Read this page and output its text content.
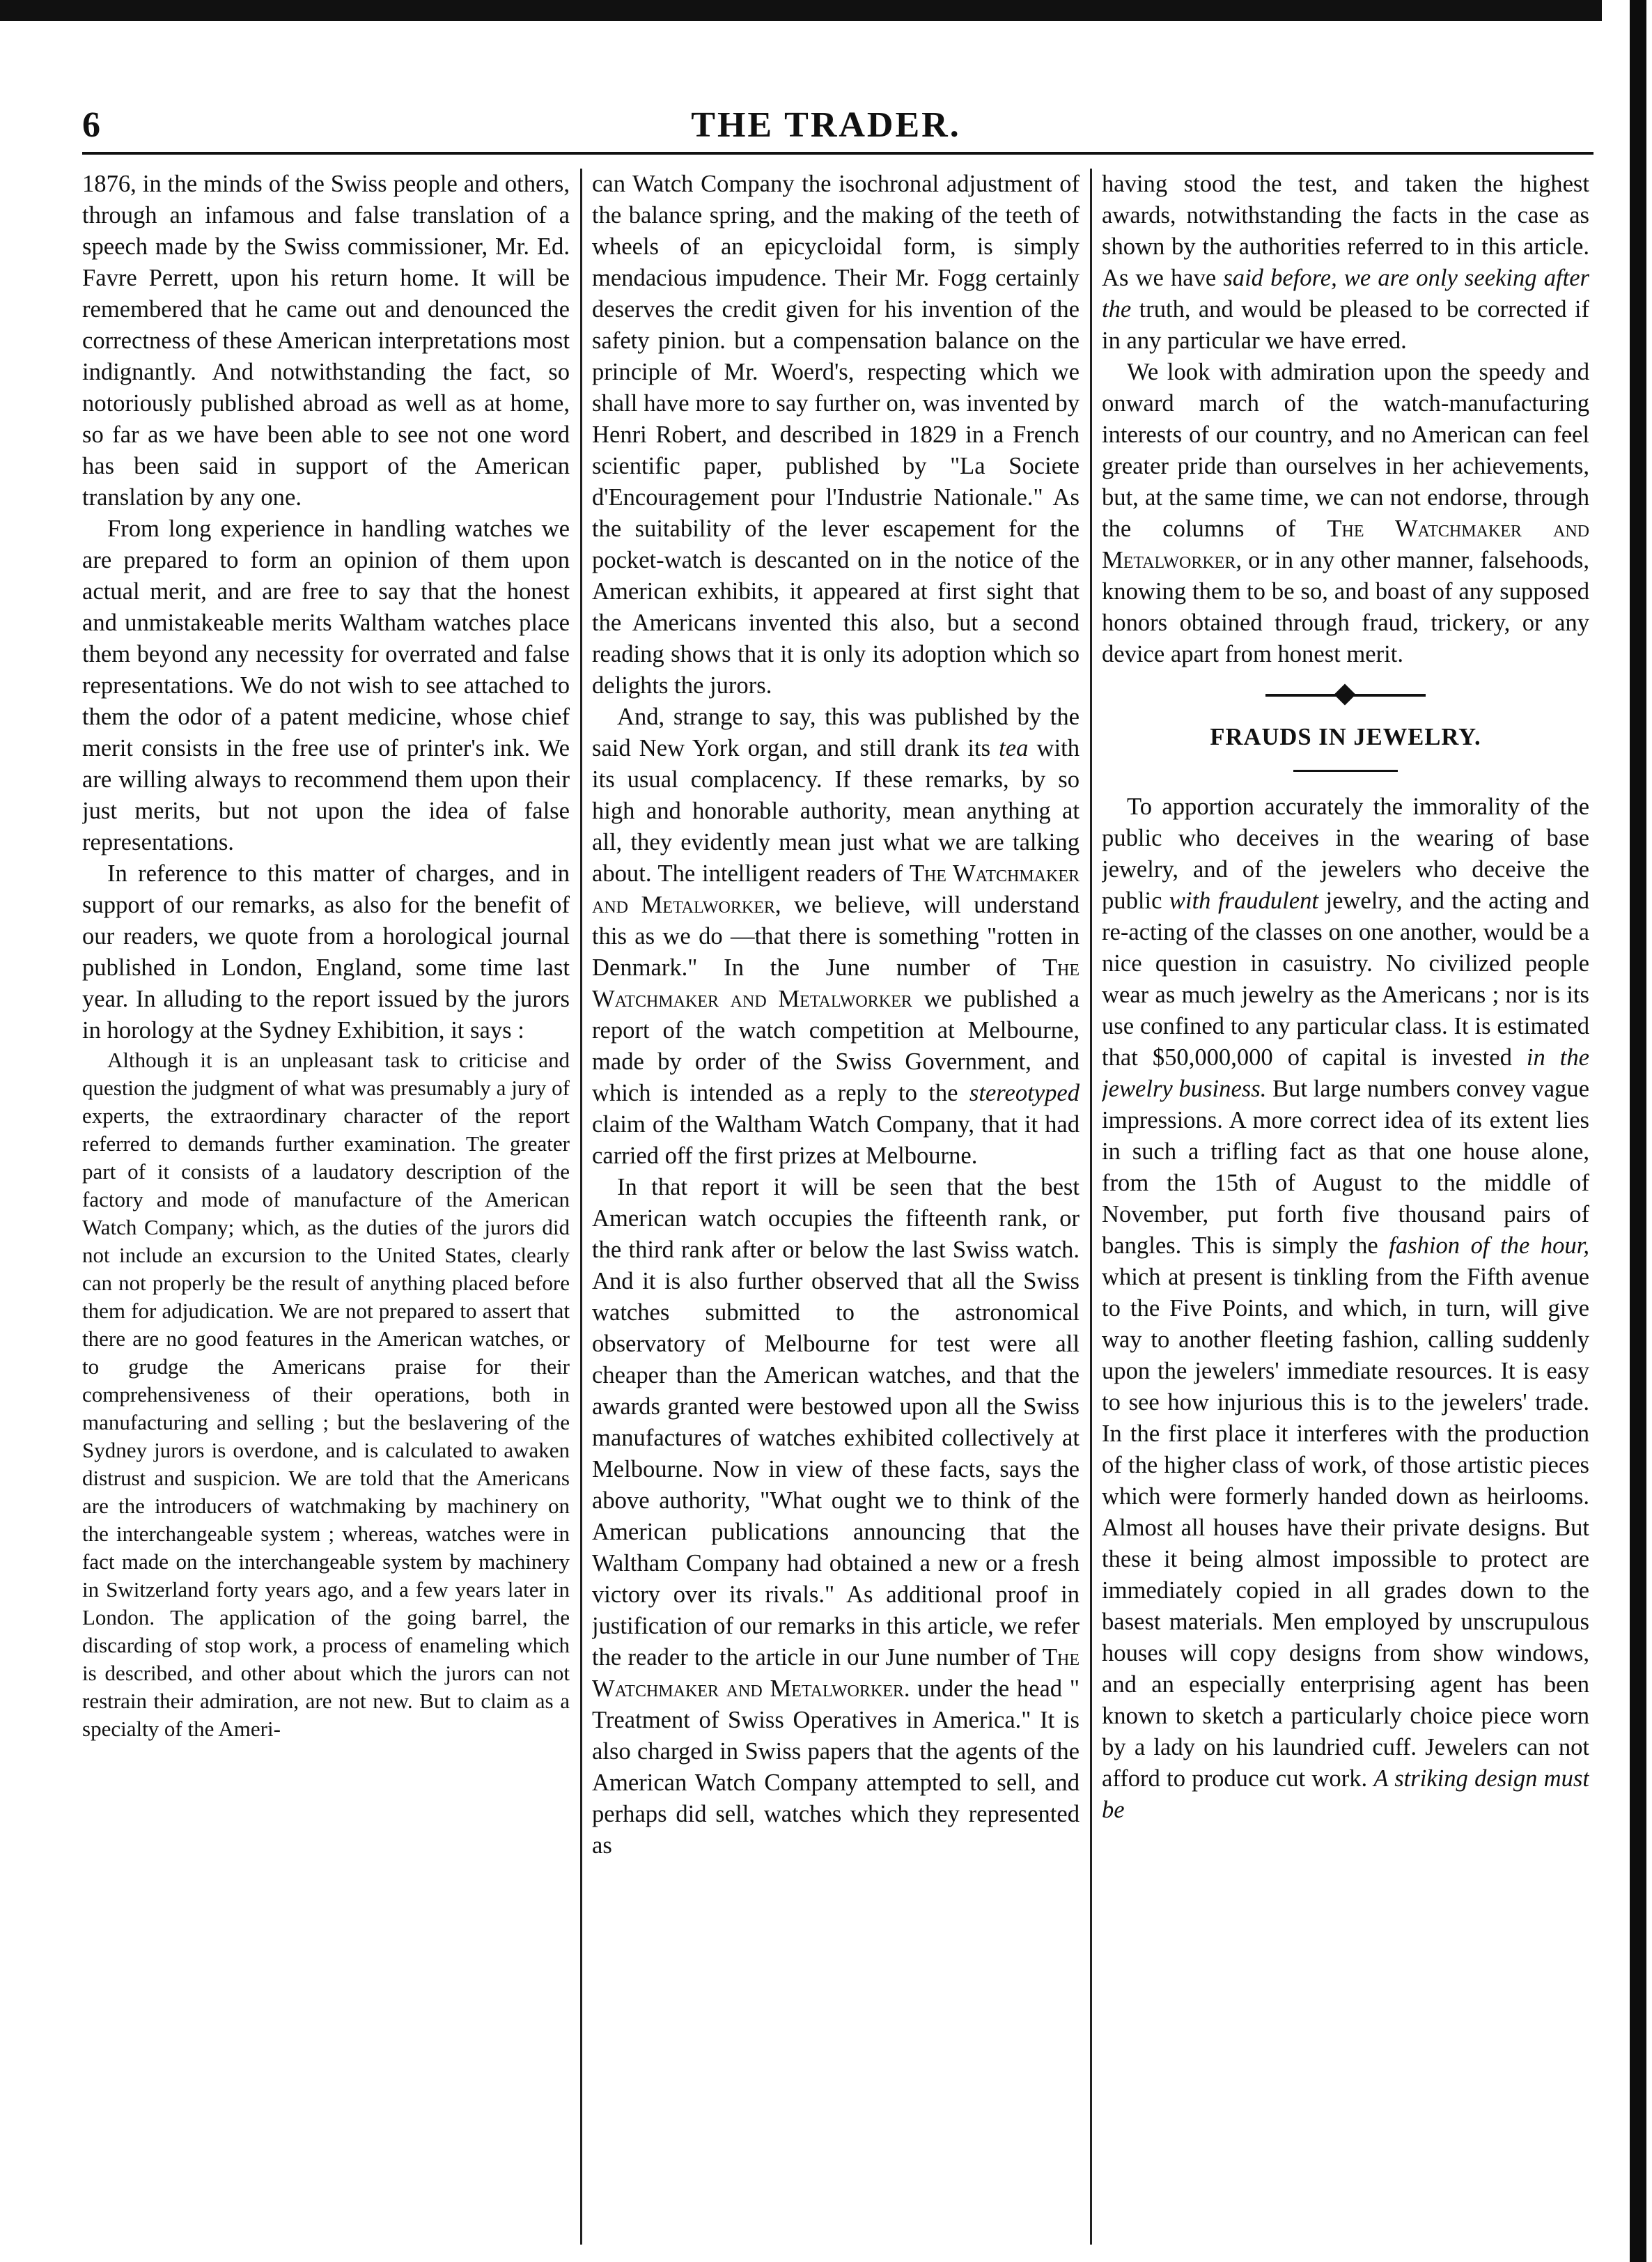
6	THE TRADER.

1876, in the minds of the Swiss people and others, through an infamous and false translation of a speech made by the Swiss commissioner, Mr. Ed. Favre Perrett, upon his return home. It will be remembered that he came out and denounced the correctness of these American interpretations most indignantly. And notwithstanding the fact, so notoriously published abroad as well as at home, so far as we have been able to see not one word has been said in support of the American translation by any one.

From long experience in handling watches we are prepared to form an opinion of them upon actual merit, and are free to say that the honest and unmistakeable merits Waltham watches place them beyond any necessity for overrated and false representations. We do not wish to see attached to them the odor of a patent medicine, whose chief merit consists in the free use of printer's ink. We are willing always to recommend them upon their just merits, but not upon the idea of false representations.

In reference to this matter of charges, and in support of our remarks, as also for the benefit of our readers, we quote from a horological journal published in London, England, some time last year. In alluding to the report issued by the jurors in horology at the Sydney Exhibition, it says :

Although it is an unpleasant task to criticise and question the judgment of what was presumably a jury of experts, the extraordinary character of the report referred to demands further examination. The greater part of it consists of a laudatory description of the factory and mode of manufacture of the American Watch Company; which, as the duties of the jurors did not include an excursion to the United States, clearly can not properly be the result of anything placed before them for adjudication. We are not prepared to assert that there are no good features in the American watches, or to grudge the Americans praise for their comprehensiveness of their operations, both in manufacturing and selling ; but the beslavering of the Sydney jurors is overdone, and is calculated to awaken distrust and suspicion. We are told that the Americans are the introducers of watchmaking by machinery on the interchangeable system ; whereas, watches were in fact made on the interchangeable system by machinery in Switzerland forty years ago, and a few years later in London. The application of the going barrel, the discarding of stop work, a process of enameling which is described, and other about which the jurors can not restrain their admiration, are not new. But to claim as a specialty of the Ameri-

can Watch Company the isochronal adjustment of the balance spring, and the making of the teeth of wheels of an epicycloidal form, is simply mendacious impudence. Their Mr. Fogg certainly deserves the credit given for his invention of the safety pinion. but a compensation balance on the principle of Mr. Woerd's, respecting which we shall have more to say further on, was invented by Henri Robert, and described in 1829 in a French scientific paper, published by "La Societe d'Encouragement pour l'Industrie Nationale." As the suitability of the lever escapement for the pocket-watch is descanted on in the notice of the American exhibits, it appeared at first sight that the Americans invented this also, but a second reading shows that it is only its adoption which so delights the jurors.

And, strange to say, this was published by the said New York organ, and still drank its tea with its usual complacency. If these remarks, by so high and honorable authority, mean anything at all, they evidently mean just what we are talking about. The intelligent readers of The Watchmaker and Metalworker, we believe, will understand this as we do —that there is something "rotten in Denmark." In the June number of The Watchmaker and Metalworker we published a report of the watch competition at Melbourne, made by order of the Swiss Government, and which is intended as a reply to the stereotyped claim of the Waltham Watch Company, that it had carried off the first prizes at Melbourne.

In that report it will be seen that the best American watch occupies the fifteenth rank, or the third rank after or below the last Swiss watch. And it is also further observed that all the Swiss watches submitted to the astronomical observatory of Melbourne for test were all cheaper than the American watches, and that the awards granted were bestowed upon all the Swiss manufactures of watches exhibited collectively at Melbourne. Now in view of these facts, says the above authority, "What ought we to think of the American publications announcing that the Waltham Company had obtained a new or a fresh victory over its rivals." As additional proof in justification of our remarks in this article, we refer the reader to the article in our June number of The Watchmaker and Metalworker. under the head " Treatment of Swiss Operatives in America." It is also charged in Swiss papers that the agents of the American Watch Company attempted to sell, and perhaps did sell, watches which they represented as

having stood the test, and taken the highest awards, notwithstanding the facts in the case as shown by the authorities referred to in this article. As we have said before, we are only seeking after the truth, and would be pleased to be corrected if in any particular we have erred.

We look with admiration upon the speedy and onward march of the watch-manufacturing interests of our country, and no American can feel greater pride than ourselves in her achievements, but, at the same time, we can not endorse, through the columns of The Watchmaker and Metalworker, or in any other manner, falsehoods, knowing them to be so, and boast of any supposed honors obtained through fraud, trickery, or any device apart from honest merit.

FRAUDS IN JEWELRY.

To apportion accurately the immorality of the public who deceives in the wearing of base jewelry, and of the jewelers who deceive the public with fraudulent jewelry, and the acting and re-acting of the classes on one another, would be a nice question in casuistry. No civilized people wear as much jewelry as the Americans ; nor is its use confined to any particular class. It is estimated that $50,000,000 of capital is invested in the jewelry business. But large numbers convey vague impressions. A more correct idea of its extent lies in such a trifling fact as that one house alone, from the 15th of August to the middle of November, put forth five thousand pairs of bangles. This is simply the fashion of the hour, which at present is tinkling from the Fifth avenue to the Five Points, and which, in turn, will give way to another fleeting fashion, calling suddenly upon the jewelers' immediate resources. It is easy to see how injurious this is to the jewelers' trade. In the first place it interferes with the production of the higher class of work, of those artistic pieces which were formerly handed down as heirlooms. Almost all houses have their private designs. But these it being almost impossible to protect are immediately copied in all grades down to the basest materials. Men employed by unscrupulous houses will copy designs from show windows, and an especially enterprising agent has been known to sketch a particularly choice piece worn by a lady on his laundried cuff. Jewelers can not afford to produce cut work. A striking design must be
